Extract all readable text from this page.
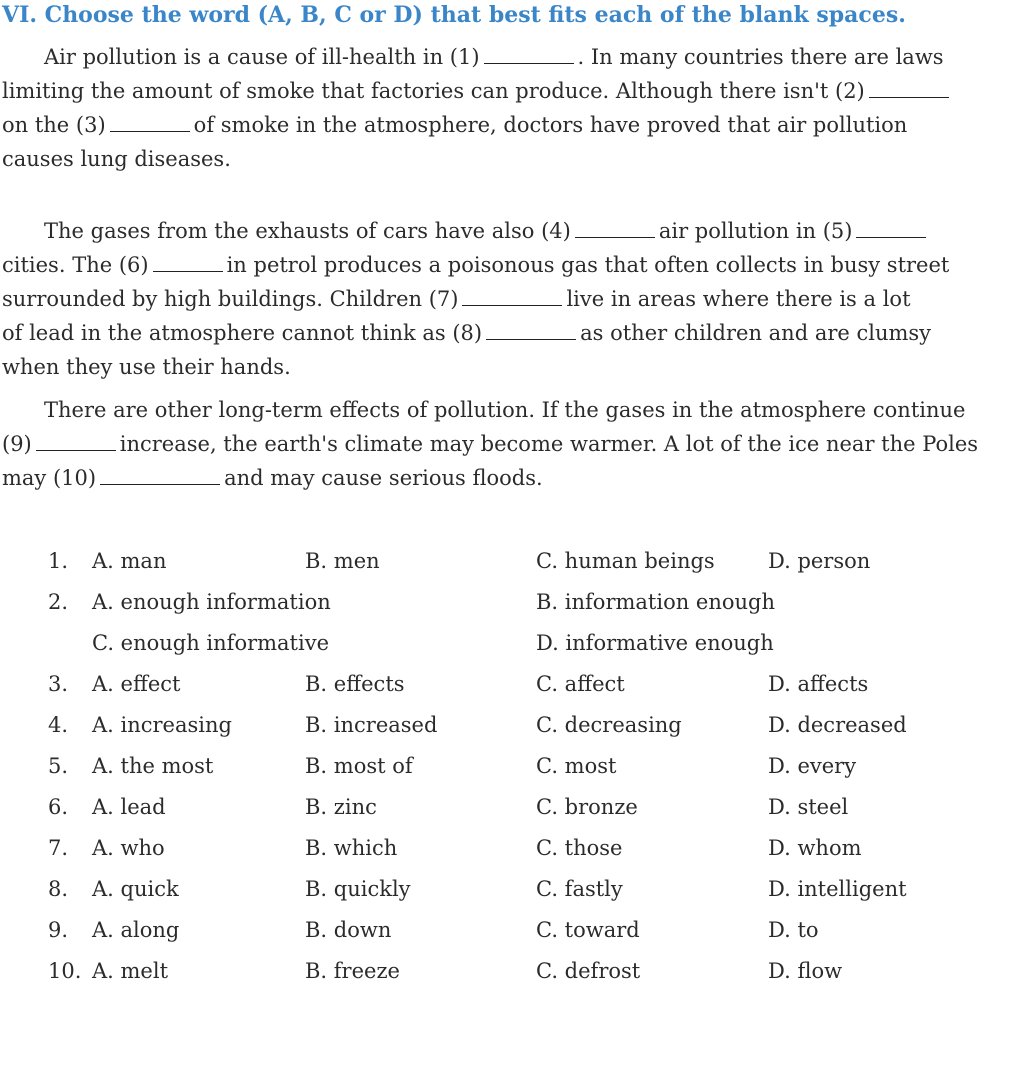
VI. Choose the word (A, B, C or D) that best fits each of the blank spaces.
Air pollution is a cause of ill-health in (1)	. In many countries there are laws
limiting the amount of smoke that factories can produce. Although there isn't (2)
on the (3)	of smoke in the atmosphere, doctors have proved that air pollution
causes lung diseases.
The gases from the exhausts of cars have also (4)	air pollution in (5)
cities. The (6)	in petrol produces a poisonous gas that often collects in busy street
surrounded by high buildings. Children (7)	live in areas where there is a lot
of lead in the atmosphere cannot think as (8)	as other children and are clumsy
when they use their hands.
There are other long-term effects of pollution. If the gases in the atmosphere continue
(9)	increase, the earth's climate may become warmer. A lot of the ice near the Poles
may (10)	and may cause serious floods.
1. A. man	B. men	C. human beings	D. person
2. A. enough information	B. information enough
C. enough informative	D. informative enough
3. A. effect	B. effects	C. affect	D. affects
4. A. increasing	B. increased	C. decreasing	D. decreased
5. A. the most	B. most of	C. most	D. every
6. A. lead	B. zinc	C. bronze	D. steel
7. A. who	B. which	C. those	D. whom
8. A. quick	B. quickly	C. fastly	D. intelligent
9. A. along	B. down	C. toward	D. to
10. A. melt	B. freeze	C. defrost	D. flow
